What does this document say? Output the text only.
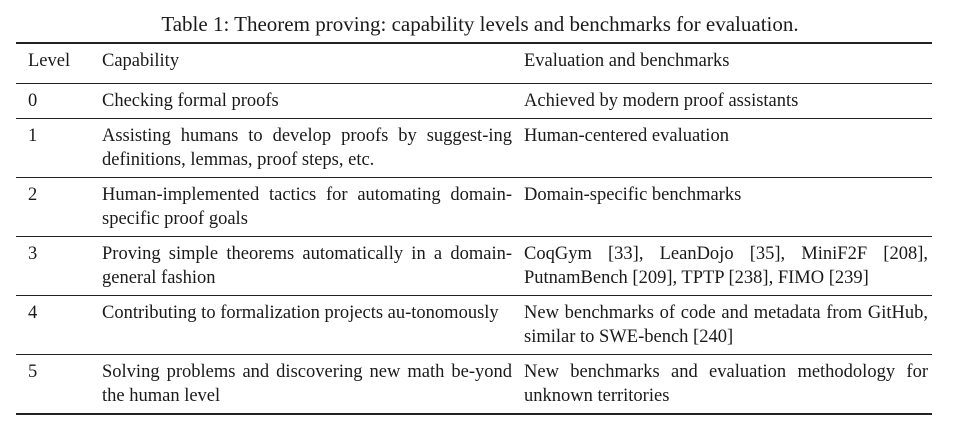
Table 1: Theorem proving: capability levels and benchmarks for evaluation.
Level	Capability	Evaluation and benchmarks
0	Checking formal proofs	Achieved by modern proof assistants
1	Assisting humans to develop proofs by suggest-ing definitions, lemmas, proof steps, etc.	Human-centered evaluation
2	Human-implemented tactics for automating domain-specific proof goals	Domain-specific benchmarks
3	Proving simple theorems automatically in a domain-general fashion	CoqGym [33], LeanDojo [35], MiniF2F [208], PutnamBench [209], TPTP [238], FIMO [239]
4	Contributing to formalization projects au-tonomously	New benchmarks of code and metadata from GitHub, similar to SWE-bench [240]
5	Solving problems and discovering new math be-yond the human level	New benchmarks and evaluation methodology for unknown territories
